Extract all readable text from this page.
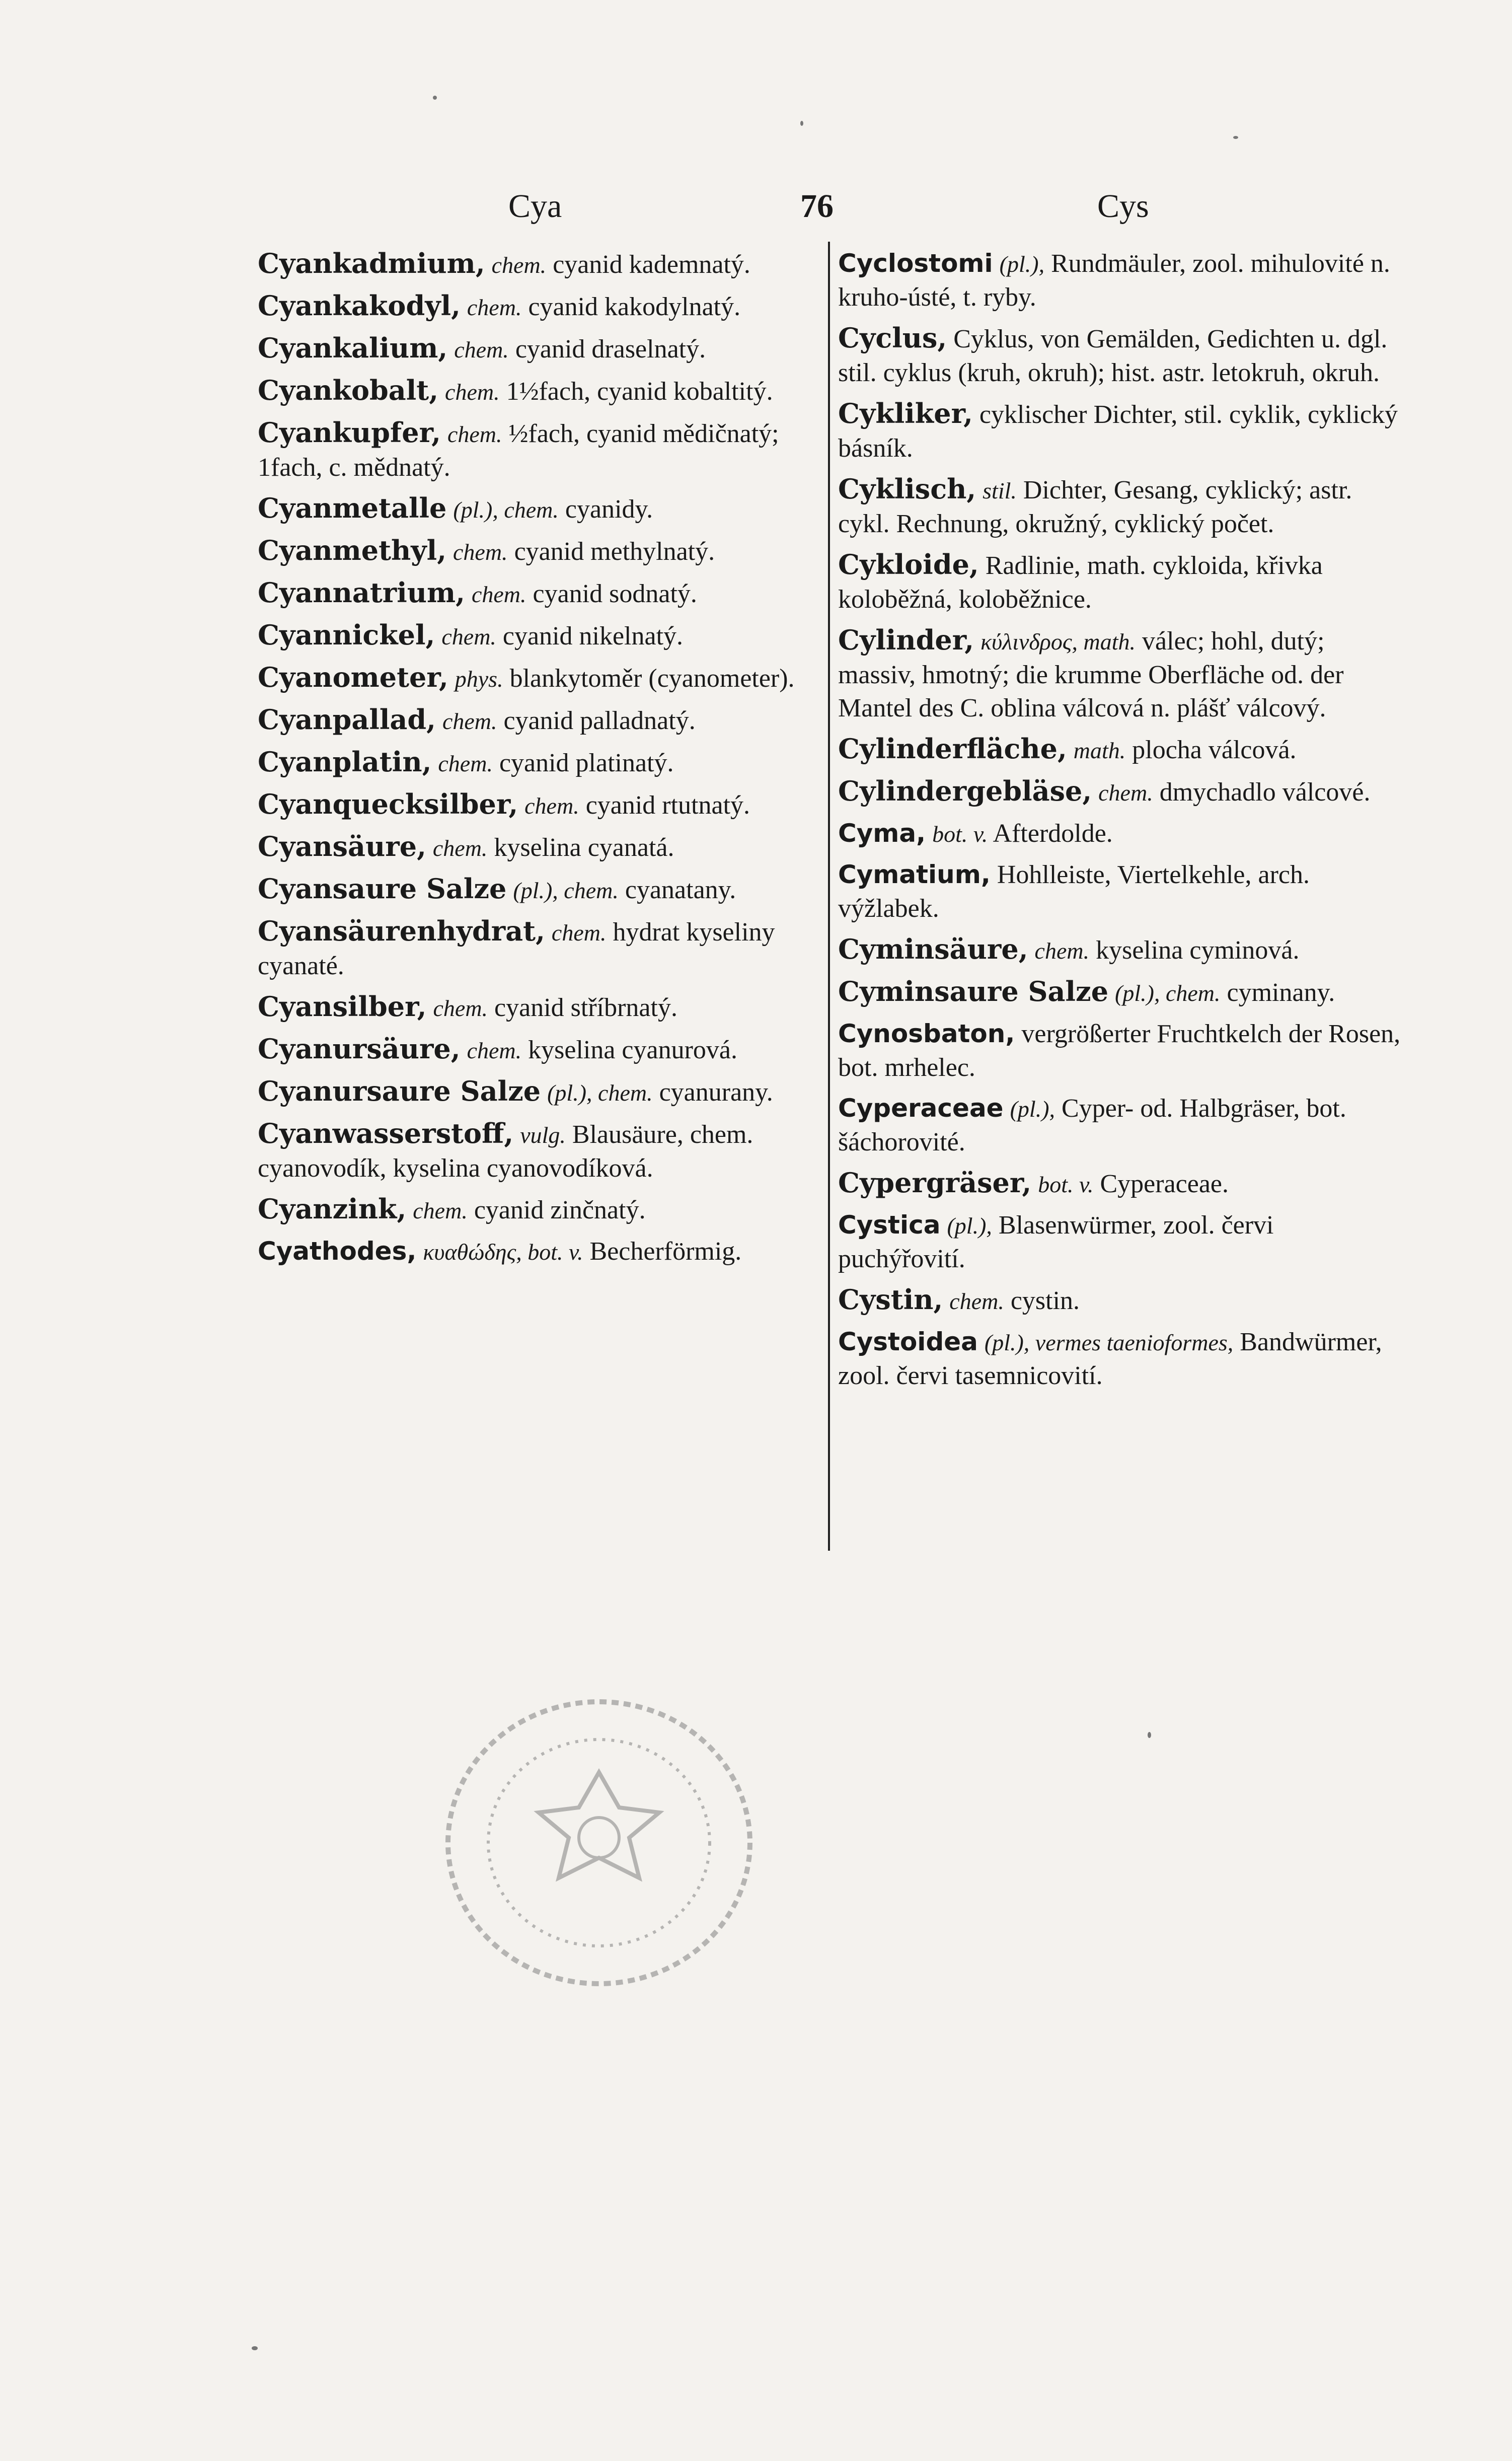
Cya	76	Cys

Cyankadmium, chem. cyanid kademnatý.

Cyankakodyl, chem. cyanid kakodylnatý.

Cyankalium, chem. cyanid draselnatý.

Cyankobalt, chem. 1½fach, cyanid kobaltitý.

Cyankupfer, chem. ½fach, cyanid mědičnatý; 1fach, c. mědnatý.

Cyanmetalle (pl.), chem. cyanidy.

Cyanmethyl, chem. cyanid methylnatý.

Cyannatrium, chem. cyanid sodnatý.

Cyannickel, chem. cyanid nikelnatý.

Cyanometer, phys. blankytoměr (cyanometer).

Cyanpallad, chem. cyanid palladnatý.

Cyanplatin, chem. cyanid platinatý.

Cyanquecksilber, chem. cyanid rtutnatý.

Cyansäure, chem. kyselina cyanatá.

Cyansaure Salze (pl.), chem. cyanatany.

Cyansäurenhydrat, chem. hydrat kyseliny cyanaté.

Cyansilber, chem. cyanid stříbrnatý.

Cyanursäure, chem. kyselina cyanurová.

Cyanursaure Salze (pl.), chem. cyanurany.

Cyanwasserstoff, vulg. Blausäure, chem. cyanovodík, kyselina cyanovodíková.

Cyanzink, chem. cyanid zinčnatý.

Cyathodes, κυαθώδης, bot. v. Becherförmig.

Cyclostomi (pl.), Rundmäuler, zool. mihulovité n. kruho-ústé, t. ryby.

Cyclus, Cyklus, von Gemälden, Gedichten u. dgl. stil. cyklus (kruh, okruh); hist. astr. letokruh, okruh.

Cykliker, cyklischer Dichter, stil. cyklik, cyklický básník.

Cyklisch, stil. Dichter, Gesang, cyklický; astr. cykl. Rechnung, okružný, cyklický počet.

Cykloide, Radlinie, math. cykloida, křivka koloběžná, koloběžnice.

Cylinder, κύλινδρος, math. válec; hohl, dutý; massiv, hmotný; die krumme Oberfläche od. der Mantel des C. oblina válcová n. plášť válcový.

Cylinderfläche, math. plocha válcová.

Cylindergebläse, chem. dmychadlo válcové.

Cyma, bot. v. Afterdolde.

Cymatium, Hohlleiste, Viertelkehle, arch. výžlabek.

Cyminsäure, chem. kyselina cyminová.

Cyminsaure Salze (pl.), chem. cyminany.

Cynosbaton, vergrößerter Fruchtkelch der Rosen, bot. mrhelec.

Cyperaceae (pl.), Cyper- od. Halbgräser, bot. šáchorovité.

Cypergräser, bot. v. Cyperaceae.

Cystica (pl.), Blasenwürmer, zool. červi puchýřovití.

Cystin, chem. cystin.

Cystoidea (pl.), vermes taenioformes, Bandwürmer, zool. červi tasemnicovití.
